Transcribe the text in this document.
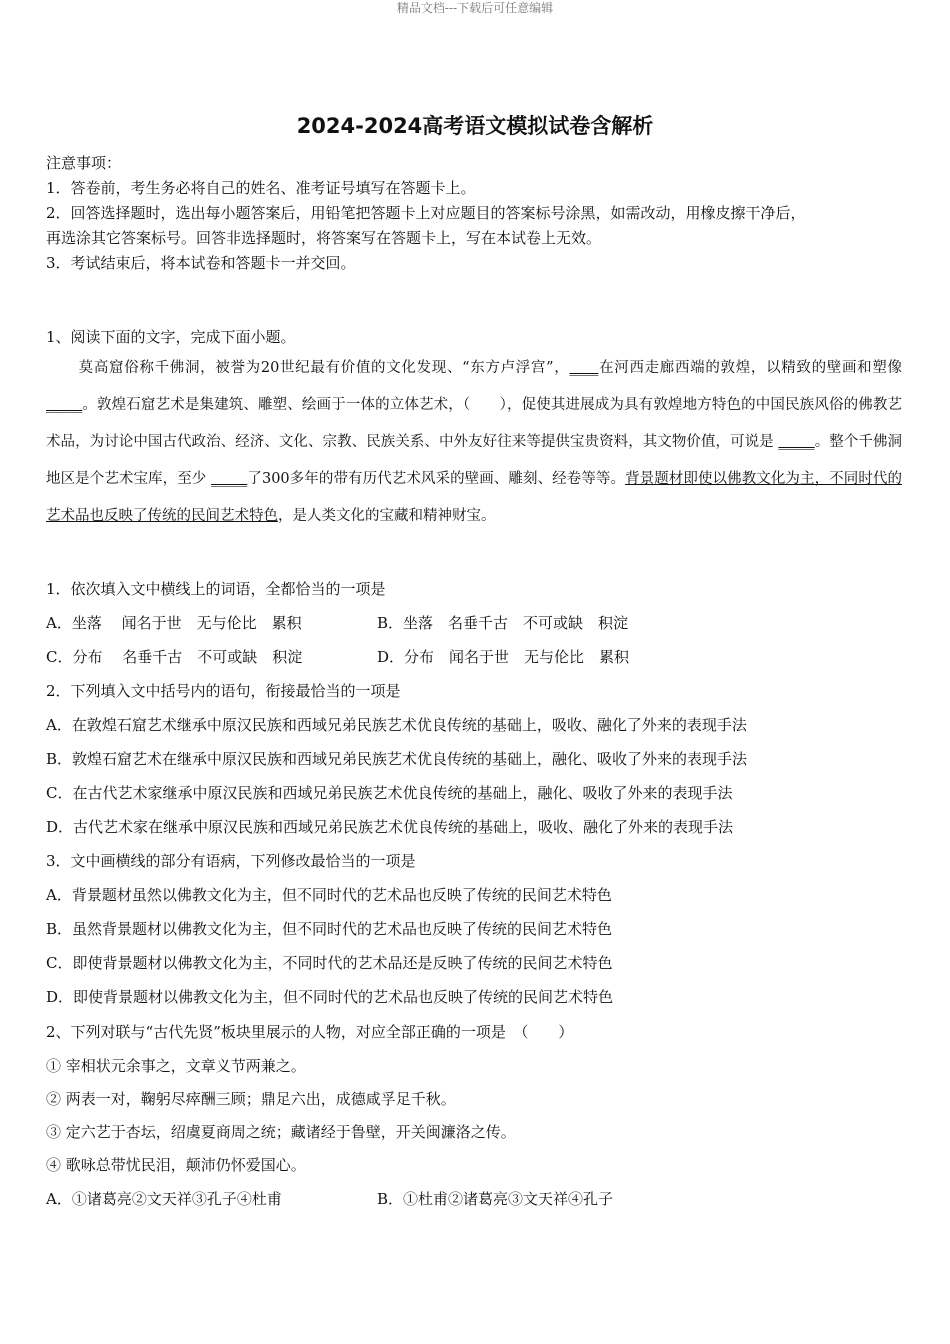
精品文档---下载后可任意编辑
2024-2024高考语文模拟试卷含解析
注意事项：
1．答卷前，考生务必将自己的姓名、准考证号填写在答题卡上。
2．回答选择题时，选出每小题答案后，用铅笔把答题卡上对应题目的答案标号涂黑，如需改动，用橡皮擦干净后，
再选涂其它答案标号。回答非选择题时，将答案写在答题卡上，写在本试卷上无效。
3．考试结束后，将本试卷和答题卡一并交回。
1、阅读下面的文字，完成下面小题。
莫高窟俗称千佛洞，被誉为20世纪最有价值的文化发现、“东方卢浮宫”，____在河西走廊西端的敦煌，以精致的壁画和塑像 _____。敦煌石窟艺术是集建筑、雕塑、绘画于一体的立体艺术，（　　），促使其进展成为具有敦煌地方特色的中国民族风俗的佛教艺术品，为讨论中国古代政治、经济、文化、宗教、民族关系、中外友好往来等提供宝贵资料，其文物价值，可说是 _____。整个千佛洞地区是个艺术宝库，至少 _____了300多年的带有历代艺术风采的壁画、雕刻、经卷等等。背景题材即使以佛教文化为主，不同时代的艺术品也反映了传统的民间艺术特色，是人类文化的宝藏和精神财宝。
1．依次填入文中横线上的词语，全都恰当的一项是
A．坐落　 闻名于世　无与伦比　累积	B．坐落　名垂千古　不可或缺　积淀
C．分布　 名垂千古　不可或缺　积淀	D．分布　闻名于世　无与伦比　累积
2．下列填入文中括号内的语句，衔接最恰当的一项是
A．在敦煌石窟艺术继承中原汉民族和西域兄弟民族艺术优良传统的基础上，吸收、融化了外来的表现手法
B．敦煌石窟艺术在继承中原汉民族和西域兄弟民族艺术优良传统的基础上，融化、吸收了外来的表现手法
C．在古代艺术家继承中原汉民族和西域兄弟民族艺术优良传统的基础上，融化、吸收了外来的表现手法
D．古代艺术家在继承中原汉民族和西域兄弟民族艺术优良传统的基础上，吸收、融化了外来的表现手法
3．文中画横线的部分有语病，下列修改最恰当的一项是
A．背景题材虽然以佛教文化为主，但不同时代的艺术品也反映了传统的民间艺术特色
B．虽然背景题材以佛教文化为主，但不同时代的艺术品也反映了传统的民间艺术特色
C．即使背景题材以佛教文化为主，不同时代的艺术品还是反映了传统的民间艺术特色
D．即使背景题材以佛教文化为主，但不同时代的艺术品也反映了传统的民间艺术特色
2、下列对联与“古代先贤”板块里展示的人物，对应全部正确的一项是　（　　）
① 宰相状元余事之，文章义节两兼之。
② 两表一对，鞠躬尽瘁酬三顾；鼎足六出，成德咸孚足千秋。
③ 定六艺于杏坛，绍虞夏商周之统；藏诸经于鲁壁，开关闽濂洛之传。
④ 歌咏总带忧民泪，颠沛仍怀爱国心。
A．①诸葛亮②文天祥③孔子④杜甫	B．①杜甫②诸葛亮③文天祥④孔子
